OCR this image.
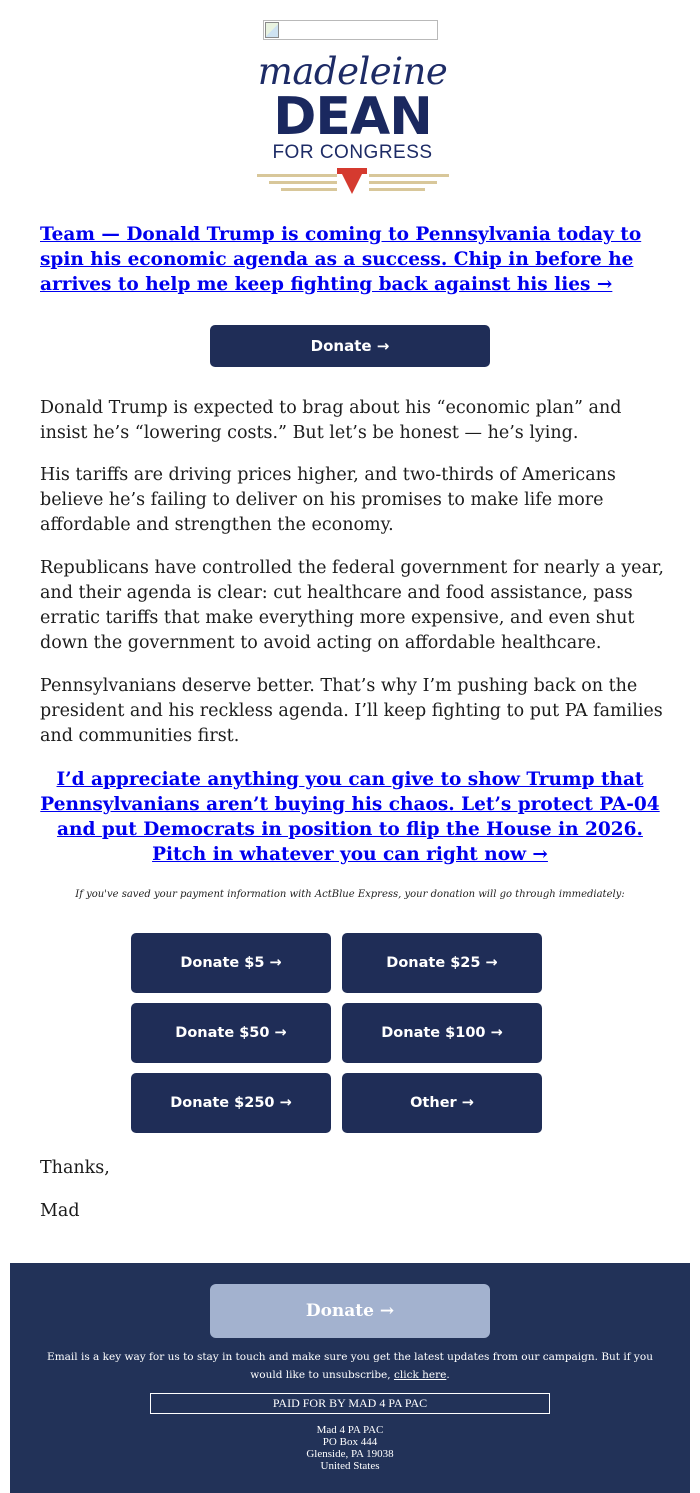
madeleine
DEAN
FOR CONGRESS
Team — Donald Trump is coming to Pennsylvania today to spin his economic agenda as a success. Chip in before he arrives to help me keep fighting back against his lies →
Donate →

Donald Trump is expected to brag about his “economic plan” and insist he’s “lowering costs.” But let’s be honest — he’s lying.

His tariffs are driving prices higher, and two-thirds of Americans believe he’s failing to deliver on his promises to make life more affordable and strengthen the economy.

Republicans have controlled the federal government for nearly a year, and their agenda is clear: cut healthcare and food assistance, pass erratic tariffs that make everything more expensive, and even shut down the government to avoid acting on affordable healthcare.

Pennsylvanians deserve better. That’s why I’m pushing back on the president and his reckless agenda. I’ll keep fighting to put PA families and communities first.

I’d appreciate anything you can give to show Trump that Pennsylvanians aren’t buying his chaos. Let’s protect PA-04 and put Democrats in position to flip the House in 2026. Pitch in whatever you can right now →

If you've saved your payment information with ActBlue Express, your donation will go through immediately:

Donate $5 →	Donate $25 →
Donate $50 →	Donate $100 →
Donate $250 →	Other →

Thanks,

Mad

Donate →

Email is a key way for us to stay in touch and make sure you get the latest updates from our campaign. But if you would like to unsubscribe, click here.

PAID FOR BY MAD 4 PA PAC
Mad 4 PA PAC
PO Box 444
Glenside, PA 19038
United States
